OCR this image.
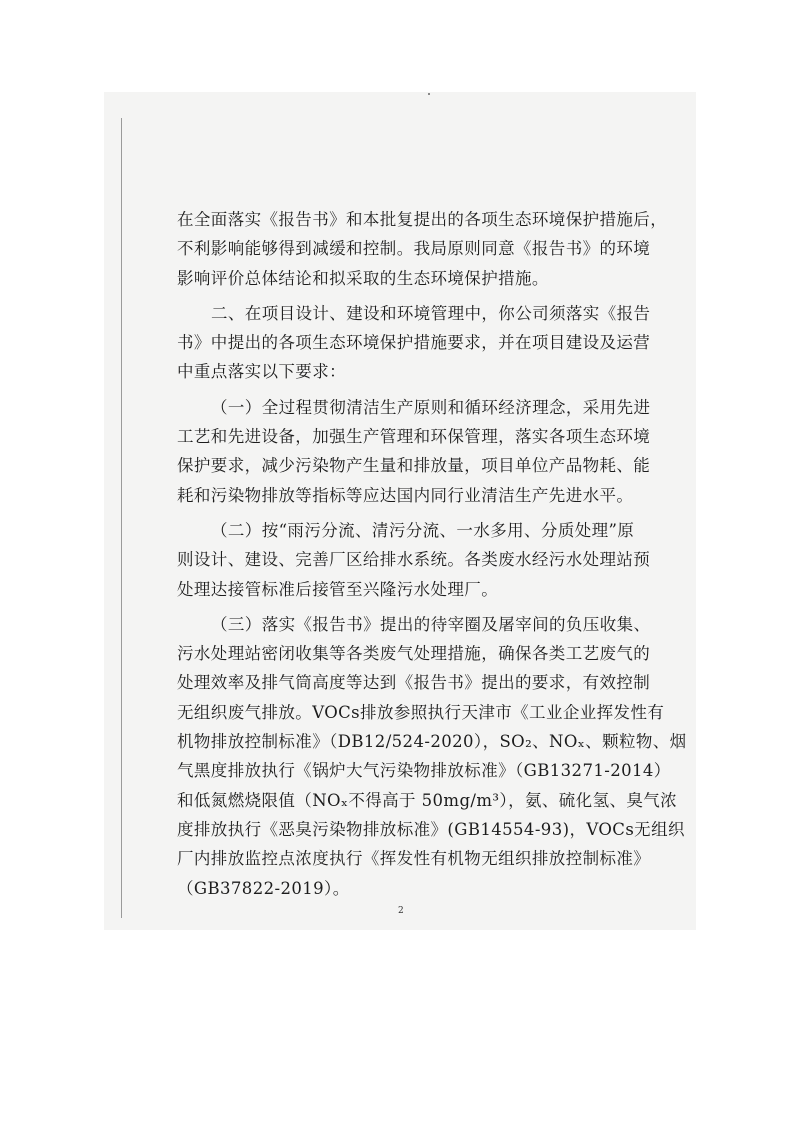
在全面落实《报告书》和本批复提出的各项生态环境保护措施后，
不利影响能够得到减缓和控制。我局原则同意《报告书》的环境
影响评价总体结论和拟采取的生态环境保护措施。
二、在项目设计、建设和环境管理中，你公司须落实《报告
书》中提出的各项生态环境保护措施要求，并在项目建设及运营
中重点落实以下要求：
（一）全过程贯彻清洁生产原则和循环经济理念，采用先进
工艺和先进设备，加强生产管理和环保管理，落实各项生态环境
保护要求，减少污染物产生量和排放量，项目单位产品物耗、能
耗和污染物排放等指标等应达国内同行业清洁生产先进水平。
（二）按“雨污分流、清污分流、一水多用、分质处理”原
则设计、建设、完善厂区给排水系统。各类废水经污水处理站预
处理达接管标准后接管至兴隆污水处理厂。
（三）落实《报告书》提出的待宰圈及屠宰间的负压收集、
污水处理站密闭收集等各类废气处理措施，确保各类工艺废气的
处理效率及排气筒高度等达到《报告书》提出的要求，有效控制
无组织废气排放。VOCs排放参照执行天津市《工业企业挥发性有
机物排放控制标准》（DB12/524-2020），SO₂、NOₓ、颗粒物、烟
气黑度排放执行《锅炉大气污染物排放标准》（GB13271-2014）
和低氮燃烧限值（NOₓ不得高于 50mg/m³），氨、硫化氢、臭气浓
度排放执行《恶臭污染物排放标准》(GB14554-93)，VOCs无组织
厂内排放监控点浓度执行《挥发性有机物无组织排放控制标准》
（GB37822-2019）。
2
